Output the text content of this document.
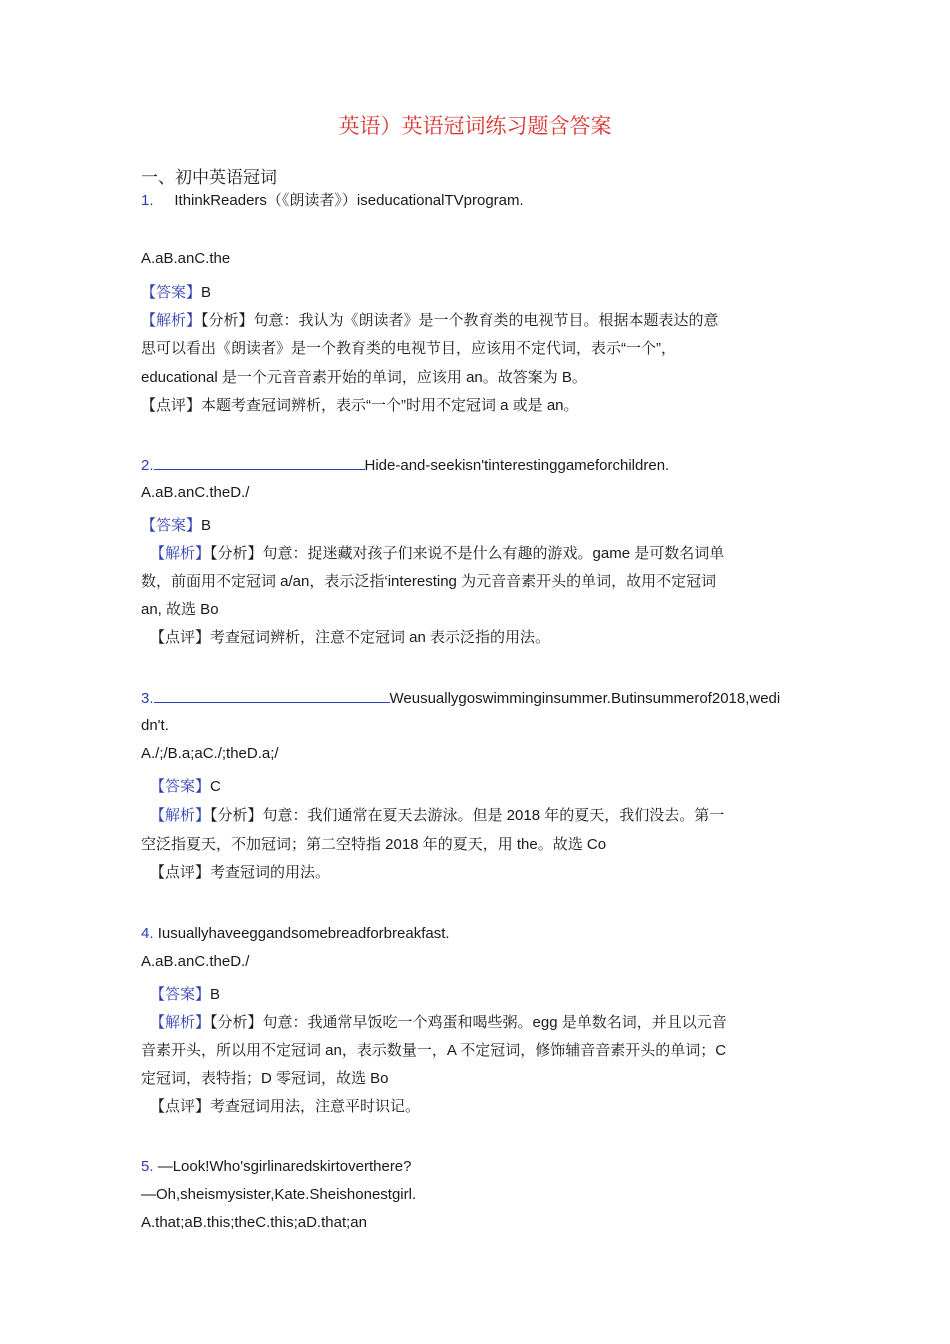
英语）英语冠词练习题含答案
一、初中英语冠词
1. IthinkReaders（《朗读者》）iseducationalTVprogram.
A.aB.anC.the
【答案】B
【解析】【分析】句意：我认为《朗读者》是一个教育类的电视节目。根据本题表达的意
思可以看出《朗读者》是一个教育类的电视节目，应该用不定代词，表示“一个”，
educational 是一个元音音素开始的单词，应该用 an。故答案为 B。
【点评】本题考查冠词辨析，表示“一个”时用不定冠词 a 或是 an。
2.	Hide-and-seekisn'tinterestinggameforchildren.
A.aB.anC.theD./
【答案】B
【解析】【分析】句意：捉迷藏对孩子们来说不是什么有趣的游戏。game 是可数名词单
数，前面用不定冠词 a/an，表示泛指‘interesting 为元音音素开头的单词，故用不定冠词
an, 故选 Bo
【点评】考查冠词辨析，注意不定冠词 an 表示泛指的用法。
3.	Weusuallygoswimminginsummer.Butinsummerof2018,wedi
dn't.
A./;/B.a;aC./;theD.a;/
【答案】C
【解析】【分析】句意：我们通常在夏天去游泳。但是 2018 年的夏天，我们没去。第一
空泛指夏天，不加冠词；第二空特指 2018 年的夏天，用 the。故选 Co
【点评】考查冠词的用法。
4. Iusuallyhaveeggandsomebreadforbreakfast.
A.aB.anC.theD./
【答案】B
【解析】【分析】句意：我通常早饭吃一个鸡蛋和喝些粥。egg 是单数名词，并且以元音
音素开头，所以用不定冠词 an，表示数量一，A 不定冠词，修饰辅音音素开头的单词；C
定冠词，表特指；D 零冠词，故选 Bo
【点评】考查冠词用法，注意平时识记。
5. —Look!Who'sgirlinaredskirtoverthere?
—Oh,sheismysister,Kate.Sheishonestgirl.
A.that;aB.this;theC.this;aD.that;an
